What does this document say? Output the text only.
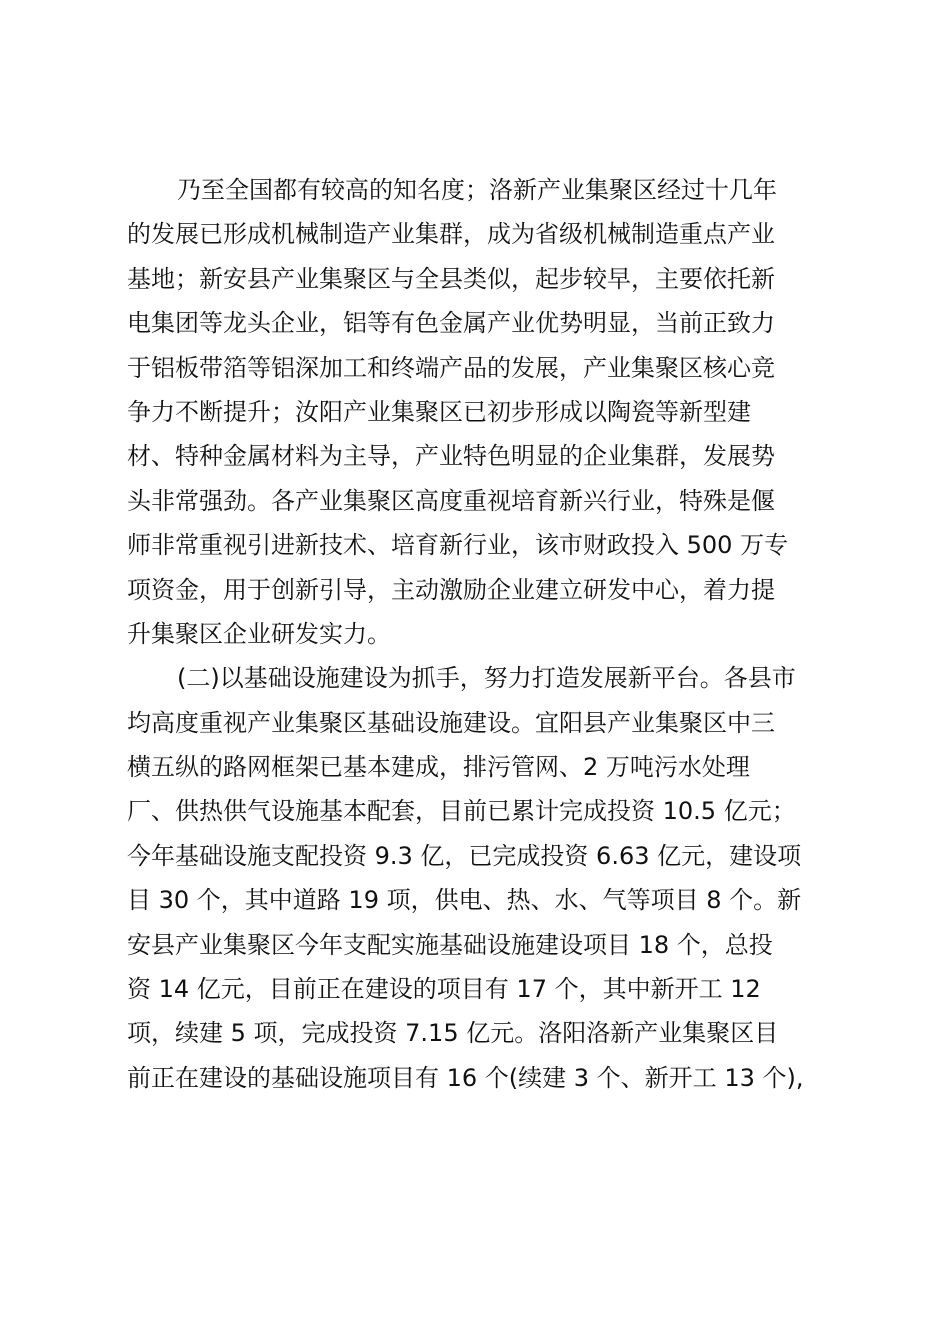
乃至全国都有较高的知名度；洛新产业集聚区经过十几年
的发展已形成机械制造产业集群，成为省级机械制造重点产业
基地；新安县产业集聚区与全县类似，起步较早，主要依托新
电集团等龙头企业，铝等有色金属产业优势明显，当前正致力
于铝板带箔等铝深加工和终端产品的发展，产业集聚区核心竞
争力不断提升；汝阳产业集聚区已初步形成以陶瓷等新型建
材、特种金属材料为主导，产业特色明显的企业集群，发展势
头非常强劲。各产业集聚区高度重视培育新兴行业，特殊是偃
师非常重视引进新技术、培育新行业，该市财政投入 500 万专
项资金，用于创新引导，主动激励企业建立研发中心，着力提
升集聚区企业研发实力。
(二)以基础设施建设为抓手，努力打造发展新平台。各县市
均高度重视产业集聚区基础设施建设。宜阳县产业集聚区中三
横五纵的路网框架已基本建成，排污管网、2 万吨污水处理
厂、供热供气设施基本配套，目前已累计完成投资 10.5 亿元；
今年基础设施支配投资 9.3 亿，已完成投资 6.63 亿元，建设项
目 30 个，其中道路 19 项，供电、热、水、气等项目 8 个。新
安县产业集聚区今年支配实施基础设施建设项目 18 个，总投
资 14 亿元，目前正在建设的项目有 17 个，其中新开工 12
项，续建 5 项，完成投资 7.15 亿元。洛阳洛新产业集聚区目
前正在建设的基础设施项目有 16 个(续建 3 个、新开工 13 个),
